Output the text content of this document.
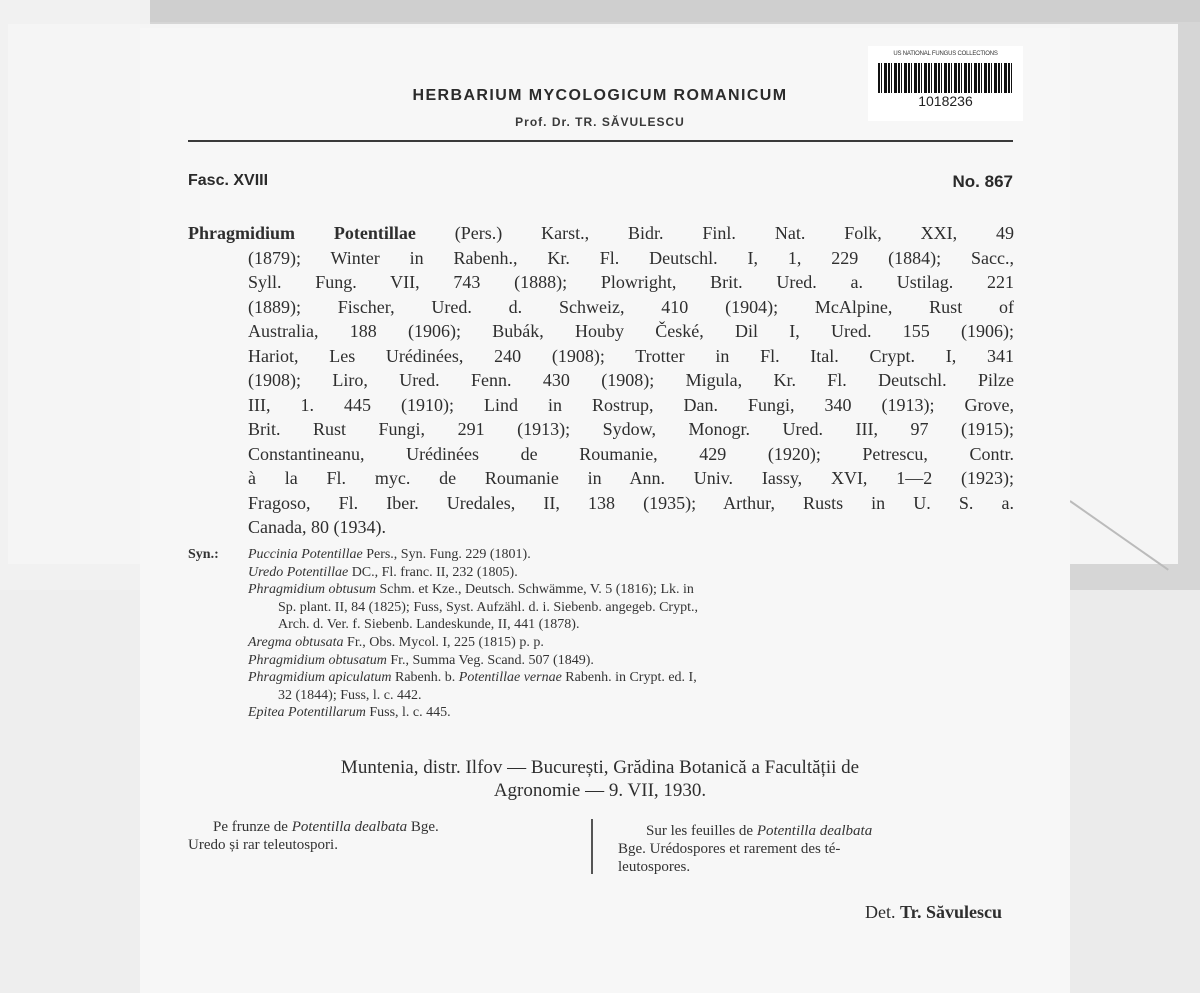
US NATIONAL FUNGUS COLLECTIONS
1018236
HERBARIUM MYCOLOGICUM ROMANICUM
Prof. Dr. TR. SĂVULESCU
Fasc. XVIII	No. 867
Phragmidium Potentillae (Pers.) Karst., Bidr. Finl. Nat. Folk, XXI, 49
(1879); Winter in Rabenh., Kr. Fl. Deutschl. I, 1, 229 (1884); Sacc.,
Syll. Fung. VII, 743 (1888); Plowright, Brit. Ured. a. Ustilag. 221
(1889); Fischer, Ured. d. Schweiz, 410 (1904); McAlpine, Rust of
Australia, 188 (1906); Bubák, Houby České, Dil I, Ured. 155 (1906);
Hariot, Les Urédinées, 240 (1908); Trotter in Fl. Ital. Crypt. I, 341
(1908); Liro, Ured. Fenn. 430 (1908); Migula, Kr. Fl. Deutschl. Pilze
III, 1. 445 (1910); Lind in Rostrup, Dan. Fungi, 340 (1913); Grove,
Brit. Rust Fungi, 291 (1913); Sydow, Monogr. Ured. III, 97 (1915);
Constantineanu, Urédinées de Roumanie, 429 (1920); Petrescu, Contr.
à la Fl. myc. de Roumanie in Ann. Univ. Iassy, XVI, 1—2 (1923);
Fragoso, Fl. Iber. Uredales, II, 138 (1935); Arthur, Rusts in U. S. a.
Canada, 80 (1934).
Syn.: Puccinia Potentillae Pers., Syn. Fung. 229 (1801).
Uredo Potentillae DC., Fl. franc. II, 232 (1805).
Phragmidium obtusum Schm. et Kze., Deutsch. Schwämme, V. 5 (1816); Lk. in
Sp. plant. II, 84 (1825); Fuss, Syst. Aufzähl. d. i. Siebenb. angegeb. Crypt.,
Arch. d. Ver. f. Siebenb. Landeskunde, II, 441 (1878).
Aregma obtusata Fr., Obs. Mycol. I, 225 (1815) p. p.
Phragmidium obtusatum Fr., Summa Veg. Scand. 507 (1849).
Phragmidium apiculatum Rabenh. b. Potentillae vernae Rabenh. in Crypt. ed. I,
32 (1844); Fuss, l. c. 442.
Epitea Potentillarum Fuss, l. c. 445.
Muntenia, distr. Ilfov — București, Grădina Botanică a Facultății de
Agronomie — 9. VII, 1930.
Pe frunze de Potentilla dealbata Bge.
Uredo și rar teleutospori.
Sur les feuilles de Potentilla dealbata
Bge. Urédospores et rarement des té-
leutospores.
Det. Tr. Săvulescu
